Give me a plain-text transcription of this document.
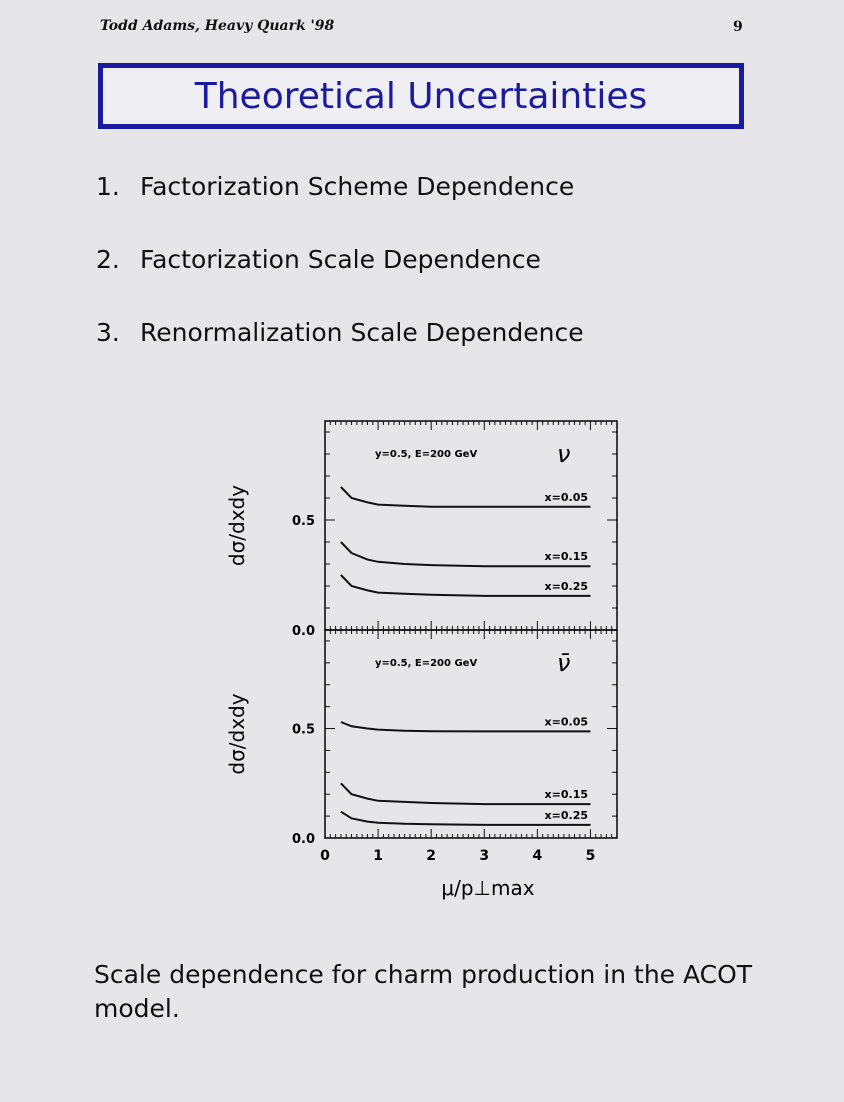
Todd Adams, Heavy Quark '98	9
Theoretical Uncertainties
1. Factorization Scheme Dependence
2. Factorization Scale Dependence
3. Renormalization Scale Dependence
0.0
0.5
dσ/dxdy
y=0.5, E=200 GeV	ν
x=0.05
x=0.15
x=0.25
0.0
0.5
dσ/dxdy
y=0.5, E=200 GeV	ν̄
x=0.05
x=0.15
x=0.25
0	1	2	3	4	5
μ/p⊥max
Scale dependence for charm production in the ACOT model.
